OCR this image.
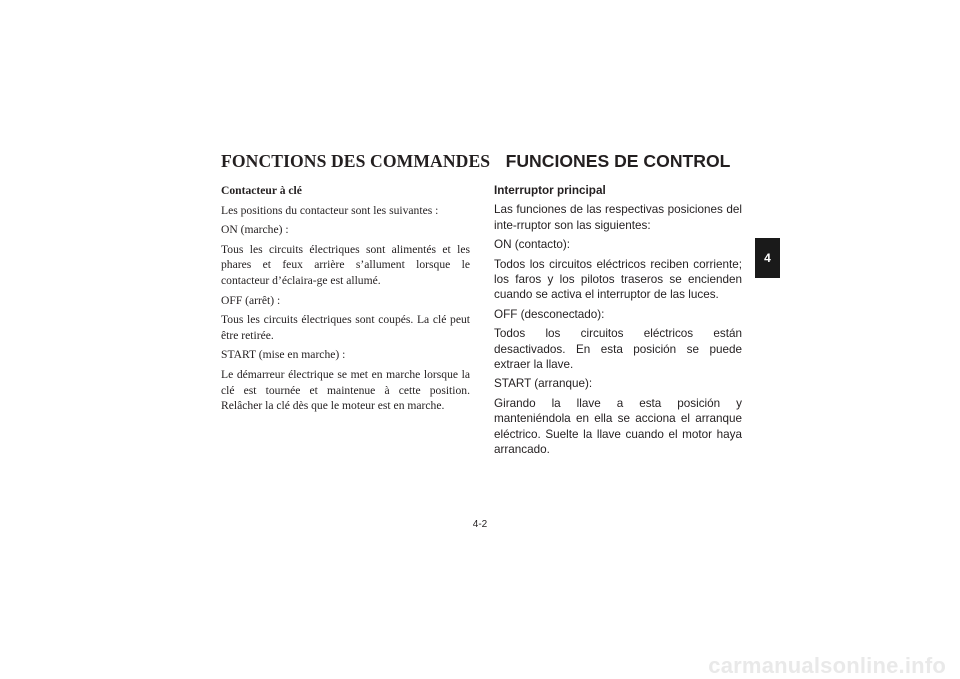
FONCTIONS DES COMMANDES

Contacteur à clé

Les positions du contacteur sont les suivantes :

ON (marche) :

Tous les circuits électriques sont alimentés et les phares et feux arrière s’allument lorsque le contacteur d’éclaira-ge est allumé.

OFF (arrêt) :

Tous les circuits électriques sont coupés. La clé peut être retirée.

START (mise en marche) :

Le démarreur électrique se met en marche lorsque la clé est tournée et maintenue à cette position. Relâcher la clé dès que le moteur est en marche.

FUNCIONES DE CONTROL

Interruptor principal

Las funciones de las respectivas posiciones del inte-rruptor son las siguientes:

ON (contacto):

Todos los circuitos eléctricos reciben corriente; los faros y los pilotos traseros se encienden cuando se activa el interruptor de las luces.

OFF (desconectado):

Todos los circuitos eléctricos están desactivados. En esta posición se puede extraer la llave.

START (arranque):

Girando la llave a esta posición y manteniéndola en ella se acciona el arranque eléctrico. Suelte la llave cuando el motor haya arrancado.

4
4-2
carmanualsonline.info
